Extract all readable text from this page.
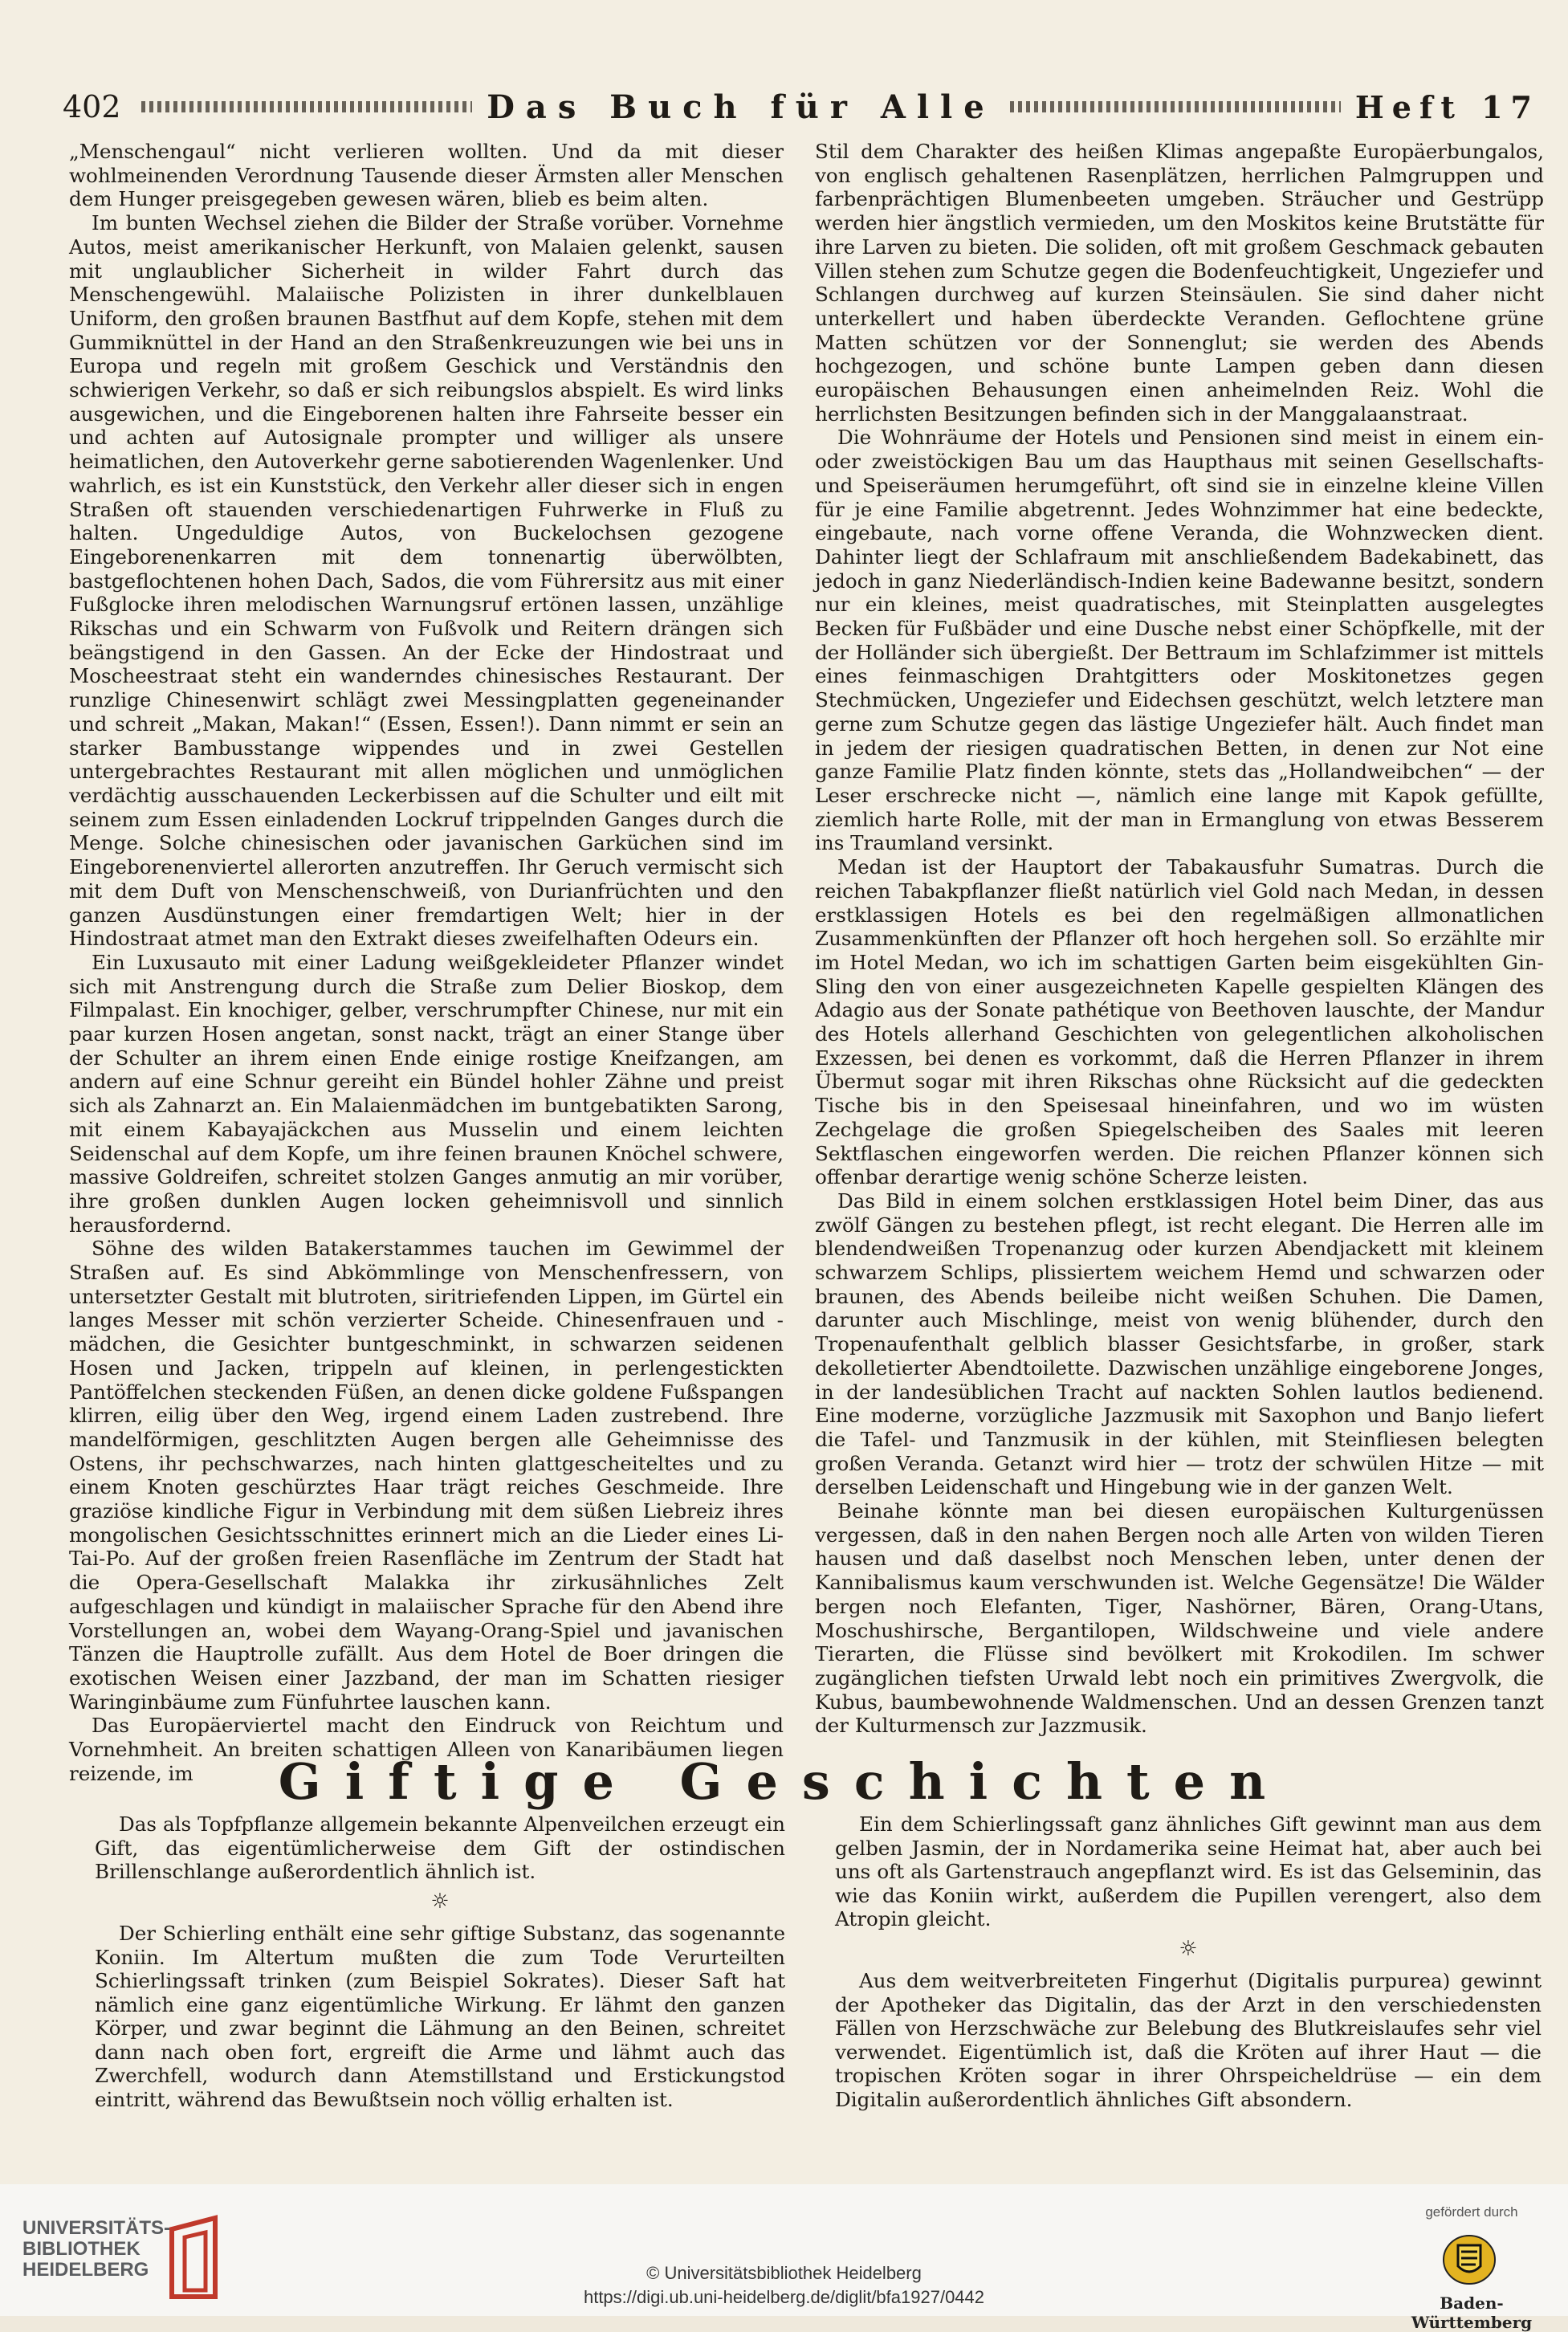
402	Das Buch für Alle	Heft 17

„Menschengaul“ nicht verlieren wollten. Und da mit dieser wohlmeinenden Verordnung Tausende dieser Ärmsten aller Menschen dem Hunger preisgegeben gewesen wären, blieb es beim alten.

Im bunten Wechsel ziehen die Bilder der Straße vorüber. Vornehme Autos, meist amerikanischer Herkunft, von Malaien gelenkt, sausen mit unglaublicher Sicherheit in wilder Fahrt durch das Menschengewühl. Malaiische Polizisten in ihrer dunkelblauen Uniform, den großen braunen Bastfhut auf dem Kopfe, stehen mit dem Gummiknüttel in der Hand an den Straßenkreuzungen wie bei uns in Europa und regeln mit großem Geschick und Verständnis den schwierigen Verkehr, so daß er sich reibungslos abspielt. Es wird links ausgewichen, und die Eingeborenen halten ihre Fahrseite besser ein und achten auf Autosignale prompter und williger als unsere heimatlichen, den Autoverkehr gerne sabotierenden Wagenlenker. Und wahrlich, es ist ein Kunststück, den Verkehr aller dieser sich in engen Straßen oft stauenden verschiedenartigen Fuhrwerke in Fluß zu halten. Ungeduldige Autos, von Buckelochsen gezogene Eingeborenenkarren mit dem tonnenartig überwölbten, bastgeflochtenen hohen Dach, Sados, die vom Führersitz aus mit einer Fußglocke ihren melodischen Warnungsruf ertönen lassen, unzählige Rikschas und ein Schwarm von Fußvolk und Reitern drängen sich beängstigend in den Gassen. An der Ecke der Hindostraat und Moscheestraat steht ein wanderndes chinesisches Restaurant. Der runzlige Chinesenwirt schlägt zwei Messingplatten gegeneinander und schreit „Makan, Makan!“ (Essen, Essen!). Dann nimmt er sein an starker Bambusstange wippendes und in zwei Gestellen untergebrachtes Restaurant mit allen möglichen und unmöglichen verdächtig ausschauenden Leckerbissen auf die Schulter und eilt mit seinem zum Essen einladenden Lockruf trippelnden Ganges durch die Menge. Solche chinesischen oder javanischen Garküchen sind im Eingeborenenviertel allerorten anzutreffen. Ihr Geruch vermischt sich mit dem Duft von Menschenschweiß, von Durianfrüchten und den ganzen Ausdünstungen einer fremdartigen Welt; hier in der Hindostraat atmet man den Extrakt dieses zweifelhaften Odeurs ein.

Ein Luxusauto mit einer Ladung weißgekleideter Pflanzer windet sich mit Anstrengung durch die Straße zum Delier Bioskop, dem Filmpalast. Ein knochiger, gelber, verschrumpfter Chinese, nur mit ein paar kurzen Hosen angetan, sonst nackt, trägt an einer Stange über der Schulter an ihrem einen Ende einige rostige Kneifzangen, am andern auf eine Schnur gereiht ein Bündel hohler Zähne und preist sich als Zahnarzt an. Ein Malaienmädchen im buntgebatikten Sarong, mit einem Kabayajäckchen aus Musselin und einem leichten Seidenschal auf dem Kopfe, um ihre feinen braunen Knöchel schwere, massive Goldreifen, schreitet stolzen Ganges anmutig an mir vorüber, ihre großen dunklen Augen locken geheimnisvoll und sinnlich herausfordernd.

Söhne des wilden Batakerstammes tauchen im Gewimmel der Straßen auf. Es sind Abkömmlinge von Menschenfressern, von untersetzter Gestalt mit blutroten, siritriefenden Lippen, im Gürtel ein langes Messer mit schön verzierter Scheide. Chinesenfrauen und -mädchen, die Gesichter buntgeschminkt, in schwarzen seidenen Hosen und Jacken, trippeln auf kleinen, in perlengestickten Pantöffelchen steckenden Füßen, an denen dicke goldene Fußspangen klirren, eilig über den Weg, irgend einem Laden zustrebend. Ihre mandelförmigen, geschlitzten Augen bergen alle Geheimnisse des Ostens, ihr pechschwarzes, nach hinten glattgescheiteltes und zu einem Knoten geschürztes Haar trägt reiches Geschmeide. Ihre graziöse kindliche Figur in Verbindung mit dem süßen Liebreiz ihres mongolischen Gesichtsschnittes erinnert mich an die Lieder eines Li-Tai-Po. Auf der großen freien Rasenfläche im Zentrum der Stadt hat die Opera-Gesellschaft Malakka ihr zirkusähnliches Zelt aufgeschlagen und kündigt in malaiischer Sprache für den Abend ihre Vorstellungen an, wobei dem Wayang-Orang-Spiel und javanischen Tänzen die Hauptrolle zufällt. Aus dem Hotel de Boer dringen die exotischen Weisen einer Jazzband, der man im Schatten riesiger Waringinbäume zum Fünfuhrtee lauschen kann.

Das Europäerviertel macht den Eindruck von Reichtum und Vornehmheit. An breiten schattigen Alleen von Kanaribäumen liegen reizende, im

Stil dem Charakter des heißen Klimas angepaßte Europäerbungalos, von englisch gehaltenen Rasenplätzen, herrlichen Palmgruppen und farbenprächtigen Blumenbeeten umgeben. Sträucher und Gestrüpp werden hier ängstlich vermieden, um den Moskitos keine Brutstätte für ihre Larven zu bieten. Die soliden, oft mit großem Geschmack gebauten Villen stehen zum Schutze gegen die Bodenfeuchtigkeit, Ungeziefer und Schlangen durchweg auf kurzen Steinsäulen. Sie sind daher nicht unterkellert und haben überdeckte Veranden. Geflochtene grüne Matten schützen vor der Sonnenglut; sie werden des Abends hochgezogen, und schöne bunte Lampen geben dann diesen europäischen Behausungen einen anheimelnden Reiz. Wohl die herrlichsten Besitzungen befinden sich in der Manggalaanstraat.

Die Wohnräume der Hotels und Pensionen sind meist in einem ein- oder zweistöckigen Bau um das Haupthaus mit seinen Gesellschafts- und Speiseräumen herumgeführt, oft sind sie in einzelne kleine Villen für je eine Familie abgetrennt. Jedes Wohnzimmer hat eine bedeckte, eingebaute, nach vorne offene Veranda, die Wohnzwecken dient. Dahinter liegt der Schlafraum mit anschließendem Badekabinett, das jedoch in ganz Niederländisch-Indien keine Badewanne besitzt, sondern nur ein kleines, meist quadratisches, mit Steinplatten ausgelegtes Becken für Fußbäder und eine Dusche nebst einer Schöpfkelle, mit der der Holländer sich übergießt. Der Bettraum im Schlafzimmer ist mittels eines feinmaschigen Drahtgitters oder Moskitonetzes gegen Stechmücken, Ungeziefer und Eidechsen geschützt, welch letztere man gerne zum Schutze gegen das lästige Ungeziefer hält. Auch findet man in jedem der riesigen quadratischen Betten, in denen zur Not eine ganze Familie Platz finden könnte, stets das „Hollandweibchen“ — der Leser erschrecke nicht —, nämlich eine lange mit Kapok gefüllte, ziemlich harte Rolle, mit der man in Ermanglung von etwas Besserem ins Traumland versinkt.

Medan ist der Hauptort der Tabakausfuhr Sumatras. Durch die reichen Tabakpflanzer fließt natürlich viel Gold nach Medan, in dessen erstklassigen Hotels es bei den regelmäßigen allmonatlichen Zusammenkünften der Pflanzer oft hoch hergehen soll. So erzählte mir im Hotel Medan, wo ich im schattigen Garten beim eisgekühlten Gin-Sling den von einer ausgezeichneten Kapelle gespielten Klängen des Adagio aus der Sonate pathétique von Beethoven lauschte, der Mandur des Hotels allerhand Geschichten von gelegentlichen alkoholischen Exzessen, bei denen es vorkommt, daß die Herren Pflanzer in ihrem Übermut sogar mit ihren Rikschas ohne Rücksicht auf die gedeckten Tische bis in den Speisesaal hineinfahren, und wo im wüsten Zechgelage die großen Spiegelscheiben des Saales mit leeren Sektflaschen eingeworfen werden. Die reichen Pflanzer können sich offenbar derartige wenig schöne Scherze leisten.

Das Bild in einem solchen erstklassigen Hotel beim Diner, das aus zwölf Gängen zu bestehen pflegt, ist recht elegant. Die Herren alle im blendendweißen Tropenanzug oder kurzen Abendjackett mit kleinem schwarzem Schlips, plissiertem weichem Hemd und schwarzen oder braunen, des Abends beileibe nicht weißen Schuhen. Die Damen, darunter auch Mischlinge, meist von wenig blühender, durch den Tropenaufenthalt gelblich blasser Gesichtsfarbe, in großer, stark dekolletierter Abendtoilette. Dazwischen unzählige eingeborene Jonges, in der landesüblichen Tracht auf nackten Sohlen lautlos bedienend. Eine moderne, vorzügliche Jazzmusik mit Saxophon und Banjo liefert die Tafel- und Tanzmusik in der kühlen, mit Steinfliesen belegten großen Veranda. Getanzt wird hier — trotz der schwülen Hitze — mit derselben Leidenschaft und Hingebung wie in der ganzen Welt.

Beinahe könnte man bei diesen europäischen Kulturgenüssen vergessen, daß in den nahen Bergen noch alle Arten von wilden Tieren hausen und daß daselbst noch Menschen leben, unter denen der Kannibalismus kaum verschwunden ist. Welche Gegensätze! Die Wälder bergen noch Elefanten, Tiger, Nashörner, Bären, Orang-Utans, Moschushirsche, Bergantilopen, Wildschweine und viele andere Tierarten, die Flüsse sind bevölkert mit Krokodilen. Im schwer zugänglichen tiefsten Urwald lebt noch ein primitives Zwergvolk, die Kubus, baumbewohnende Waldmenschen. Und an dessen Grenzen tanzt der Kulturmensch zur Jazzmusik.

Giftige Geschichten

Das als Topfpflanze allgemein bekannte Alpenveilchen erzeugt ein Gift, das eigentümlicherweise dem Gift der ostindischen Brillenschlange außerordentlich ähnlich ist.

☼

Der Schierling enthält eine sehr giftige Substanz, das sogenannte Koniin. Im Altertum mußten die zum Tode Verurteilten Schierlingssaft trinken (zum Beispiel Sokrates). Dieser Saft hat nämlich eine ganz eigentümliche Wirkung. Er lähmt den ganzen Körper, und zwar beginnt die Lähmung an den Beinen, schreitet dann nach oben fort, ergreift die Arme und lähmt auch das Zwerchfell, wodurch dann Atemstillstand und Erstickungstod eintritt, während das Bewußtsein noch völlig erhalten ist.

Ein dem Schierlingssaft ganz ähnliches Gift gewinnt man aus dem gelben Jasmin, der in Nordamerika seine Heimat hat, aber auch bei uns oft als Gartenstrauch angepflanzt wird. Es ist das Gelseminin, das wie das Koniin wirkt, außerdem die Pupillen verengert, also dem Atropin gleicht.

☼

Aus dem weitverbreiteten Fingerhut (Digitalis purpurea) gewinnt der Apotheker das Digitalin, das der Arzt in den verschiedensten Fällen von Herzschwäche zur Belebung des Blutkreislaufes sehr viel verwendet. Eigentümlich ist, daß die Kröten auf ihrer Haut — die tropischen Kröten sogar in ihrer Ohrspeicheldrüse — ein dem Digitalin außerordentlich ähnliches Gift absondern.

UNIVERSITÄTS-
BIBLIOTHEK
HEIDELBERG	© Universitätsbibliothek Heidelberg
https://digi.ub.uni-heidelberg.de/diglit/bfa1927/0442
gefördert durch
Baden-Württemberg
